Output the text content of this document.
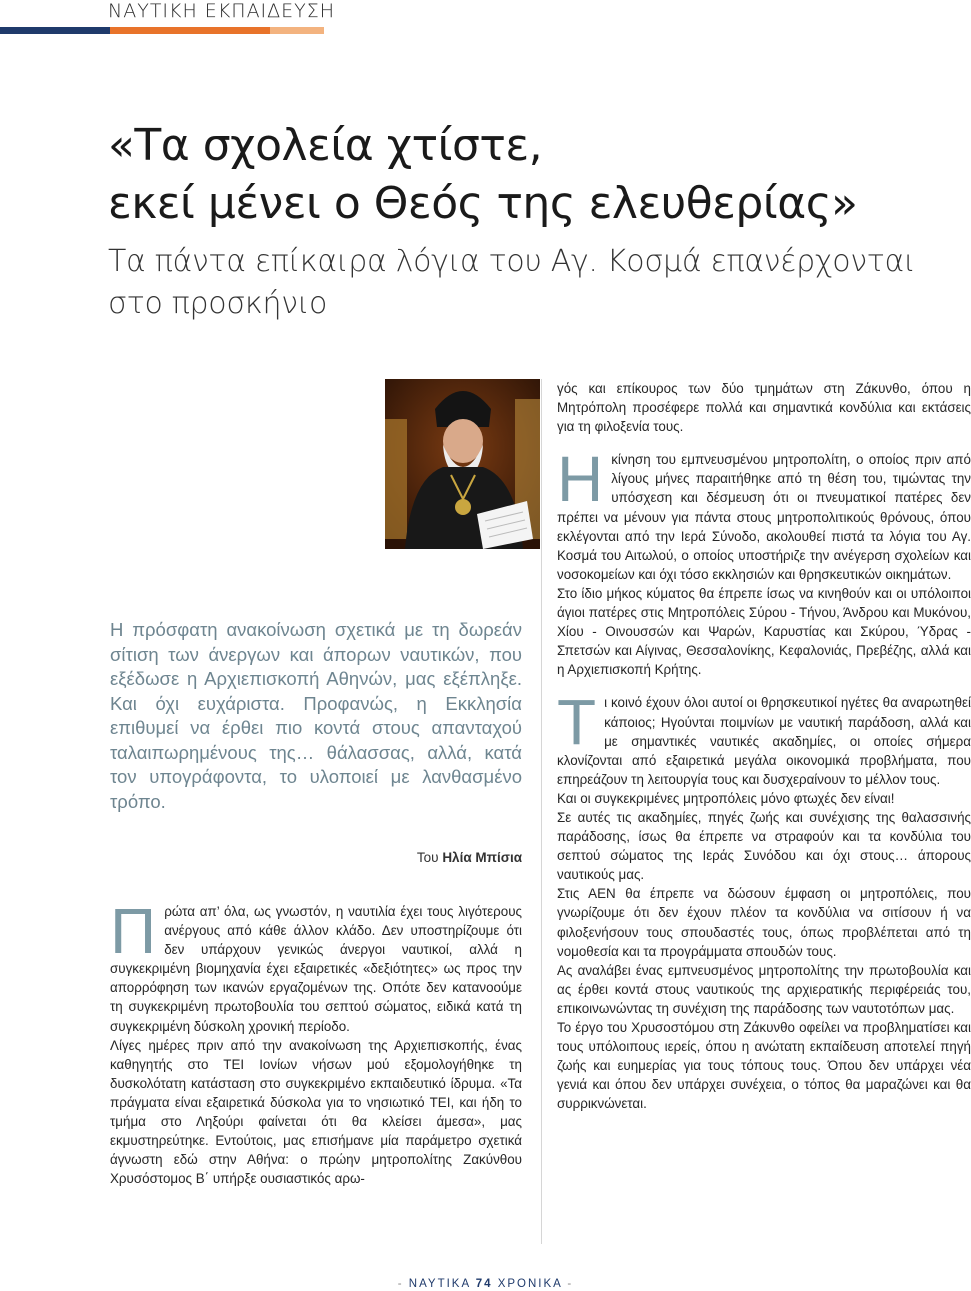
ΝΑΥΤΙΚΗ ΕΚΠΑΙΔΕΥΣΗ
«Τα σχολεία χτίστε,
εκεί μένει ο Θεός της ελευθερίας»
Τα πάντα επίκαιρα λόγια του Αγ. Κοσμά επανέρχονται
στο προσκήνιο
Η πρόσφατη ανακοίνωση σχετικά με τη δωρεάν σίτιση των άνεργων και άπορων ναυτικών, που εξέδωσε η Αρχιεπισκοπή Αθηνών, μας εξέπληξε. Και όχι ευχάριστα. Προφανώς, η Εκκλησία επιθυμεί να έρθει πιο κοντά στους απανταχού ταλαιπωρημένους της… θάλασσας, αλλά, κατά τον υπογράφοντα, το υλοποιεί με λανθασμένο τρόπο.
Του Ηλία Μπίσια
Π ρώτα απ’ όλα, ως γνωστόν, η ναυτιλία έχει τους λιγότερους ανέργους από κάθε άλλον κλάδο. Δεν υποστηρίζουμε ότι δεν υπάρχουν γενικώς άνεργοι ναυτικοί, αλλά η συγκεκριμένη βιομηχανία έχει εξαιρετικές «δεξιότητες» ως προς την απορρόφηση των ικανών εργαζομένων της. Οπότε δεν κατανοούμε τη συγκεκριμένη πρωτοβουλία του σεπτού σώματος, ειδικά κατά τη συγκεκριμένη δύσκολη χρονική περίοδο.

Λίγες ημέρες πριν από την ανακοίνωση της Αρχιεπισκοπής, ένας καθηγητής στο ΤΕΙ Ιονίων νήσων μού εξομολογήθηκε τη δυσκολότατη κατάσταση στο συγκεκριμένο εκπαιδευτικό ίδρυμα. «Τα πράγματα είναι εξαιρετικά δύσκολα για το νησιωτικό ΤΕΙ, και ήδη το τμήμα στο Ληξούρι φαίνεται ότι θα κλείσει άμεσα», μας εκμυστηρεύτηκε. Εντούτοις, μας επισήμανε μία παράμετρο σχετικά άγνωστη εδώ στην Αθήνα: ο πρώην μητροπολίτης Ζακύνθου Χρυσόστομος Β΄ υπήρξε ουσιαστικός αρω-

γός και επίκουρος των δύο τμημάτων στη Ζάκυνθο, όπου η Μητρόπολη προσέφερε πολλά και σημαντικά κονδύλια και εκτάσεις για τη φιλοξενία τους.

Η κίνηση του εμπνευσμένου μητροπολίτη, ο οποίος πριν από λίγους μήνες παραιτήθηκε από τη θέση του, τιμώντας την υπόσχεση και δέσμευση ότι οι πνευματικοί πατέρες δεν πρέπει να μένουν για πάντα στους μητροπολιτικούς θρόνους, όπου εκλέγονται από την Ιερά Σύνοδο, ακολουθεί πιστά τα λόγια του Αγ. Κοσμά του Αιτωλού, ο οποίος υποστήριζε την ανέγερση σχολείων και νοσοκομείων και όχι τόσο εκκλησιών και θρησκευτικών οικημάτων.

Στο ίδιο μήκος κύματος θα έπρεπε ίσως να κινηθούν και οι υπόλοιποι άγιοι πατέρες στις Μητροπόλεις Σύρου - Τήνου, Άνδρου και Μυκόνου, Χίου - Οινουσσών και Ψαρών, Καρυστίας και Σκύρου, Ύδρας - Σπετσών και Αίγινας, Θεσσαλονίκης, Κεφαλονιάς, Πρεβέζης, αλλά και η Αρχιεπισκοπή Κρήτης.

Τ ι κοινό έχουν όλοι αυτοί οι θρησκευτικοί ηγέτες θα αναρωτηθεί κάποιος; Ηγούνται ποιμνίων με ναυτική παράδοση, αλλά και με σημαντικές ναυτικές ακαδημίες, οι οποίες σήμερα κλονίζονται από εξαιρετικά μεγάλα οικονομικά προβλήματα, που επηρεάζουν τη λειτουργία τους και δυσχεραίνουν το μέλλον τους.

Και οι συγκεκριμένες μητροπόλεις μόνο φτωχές δεν είναι!

Σε αυτές τις ακαδημίες, πηγές ζωής και συνέχισης της θαλασσινής παράδοσης, ίσως θα έπρεπε να στραφούν και τα κονδύλια του σεπτού σώματος της Ιεράς Συνόδου και όχι στους… άπορους ναυτικούς μας.

Στις ΑΕΝ θα έπρεπε να δώσουν έμφαση οι μητροπόλεις, που γνωρίζουμε ότι δεν έχουν πλέον τα κονδύλια να σιτίσουν ή να φιλοξενήσουν τους σπουδαστές τους, όπως προβλέπεται από τη νομοθεσία και τα προγράμματα σπουδών τους.

Ας αναλάβει ένας εμπνευσμένος μητροπολίτης την πρωτοβουλία και ας έρθει κοντά στους ναυτικούς της αρχιερατικής περιφέρειάς του, επικοινωνώντας τη συνέχιση της παράδοσης των ναυτοτόπων μας.

Το έργο του Χρυσοστόμου στη Ζάκυνθο οφείλει να προβληματίσει και τους υπόλοιπους ιερείς, όπου η ανώτατη εκπαίδευση αποτελεί πηγή ζωής και ευημερίας για τους τόπους τους. Όπου δεν υπάρχει νέα γενιά και όπου δεν υπάρχει συνέχεια, ο τόπος θα μαραζώνει και θα συρρικνώνεται.

- ΝΑΥΤΙΚΑ 74 ΧΡΟΝΙΚΑ -
